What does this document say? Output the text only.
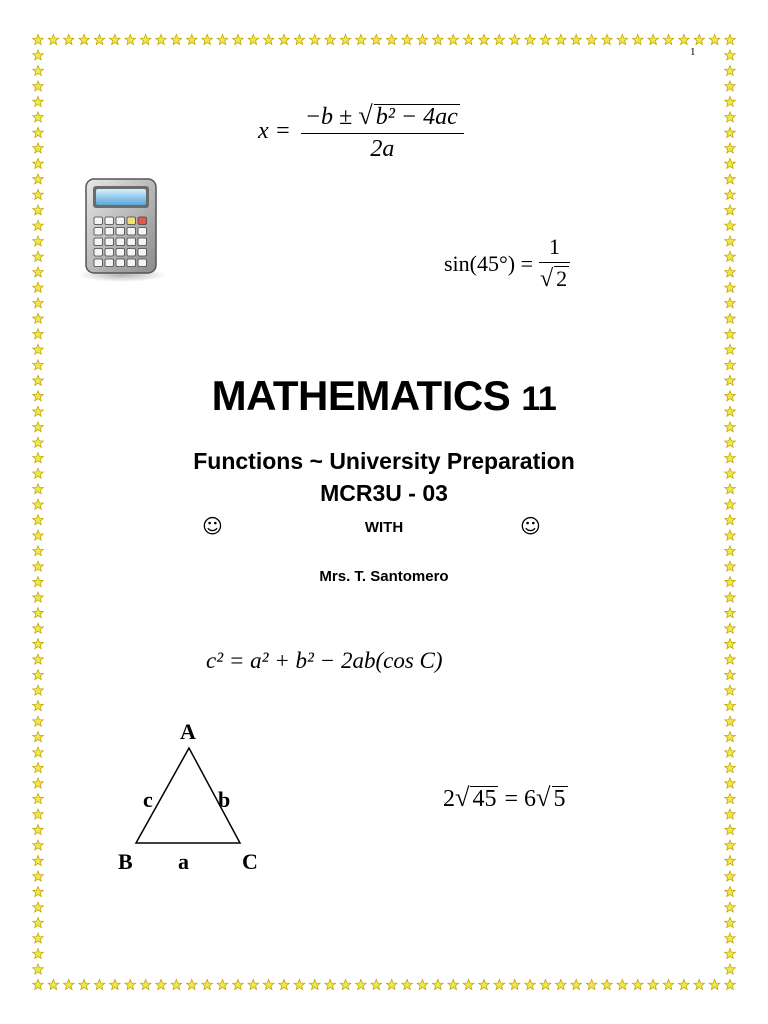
1
$x = \frac{\text{−b ± √ b² − 4ac}}{2a}$
$\sin(45^\circ) = \frac{1}{√ 2}$
MATHEMATICS 11
Functions ~ University Preparation
MCR3U - 03
☺	WITH	☺
Mrs. T. Santomero
c² = a² + b² − 2ab(cos C)
A
c	b
B a C
2√ 45 = 6√ 5
